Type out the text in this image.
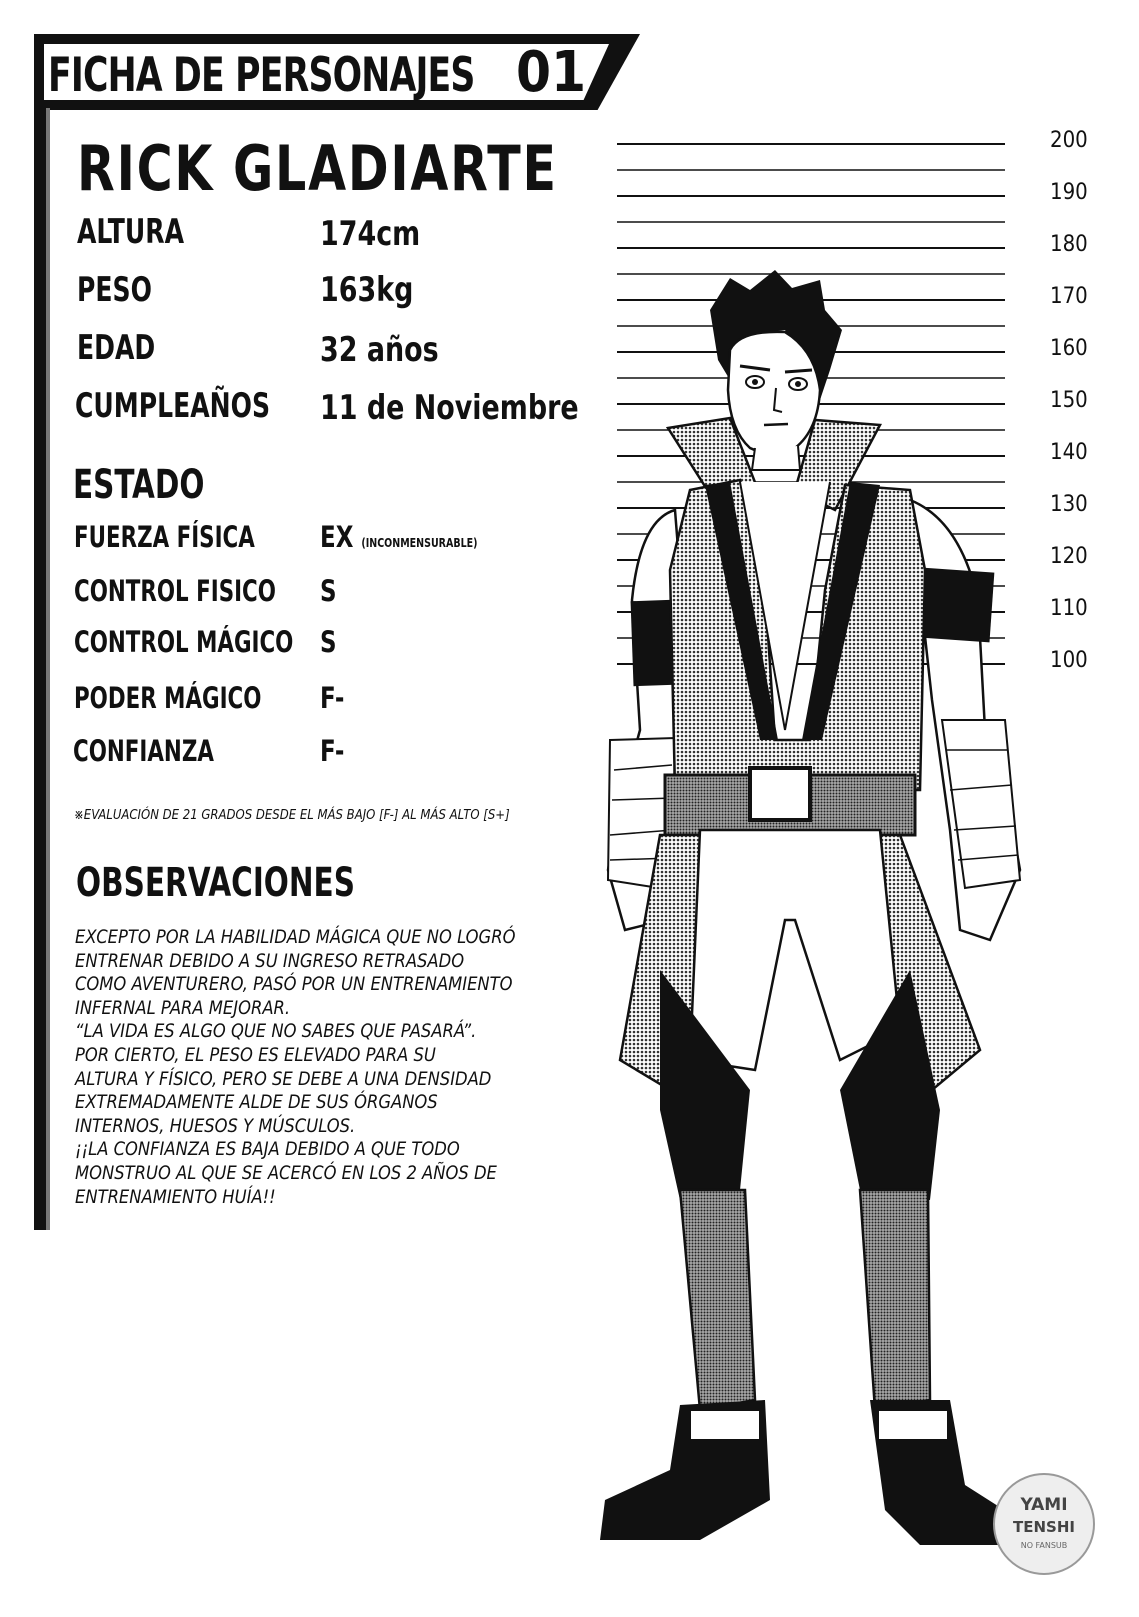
FICHA DE PERSONAJES 01
RICK GLADIARTE
ALTURA	174cm
PESO	163kg
EDAD	32 años
CUMPLEAÑOS 11 de Noviembre
ESTADO
FUERZA FÍSICA EX (INCONMENSURABLE)
CONTROL FISICO S
CONTROL MÁGICO S
PODER MÁGICO F-
CONFIANZA	F-
※EVALUACIÓN DE 21 GRADOS DESDE EL MÁS BAJO [F-] AL MÁS ALTO [S+]
OBSERVACIONES
EXCEPTO POR LA HABILIDAD MÁGICA QUE NO LOGRÓ
ENTRENAR DEBIDO A SU INGRESO RETRASADO
COMO AVENTURERO, PASÓ POR UN ENTRENAMIENTO
INFERNAL PARA MEJORAR.
“LA VIDA ES ALGO QUE NO SABES QUE PASARÁ”.
POR CIERTO, EL PESO ES ELEVADO PARA SU
ALTURA Y FÍSICO, PERO SE DEBE A UNA DENSIDAD
EXTREMADAMENTE ALDE DE SUS ÓRGANOS
INTERNOS, HUESOS Y MÚSCULOS.
¡¡LA CONFIANZA ES BAJA DEBIDO A QUE TODO
MONSTRUO AL QUE SE ACERCÓ EN LOS 2 AÑOS DE
ENTRENAMIENTO HUÍA!!
200
190
180
170
160
150
140
130
120
110
100
YAMI
TENSHI
NO FANSUB
